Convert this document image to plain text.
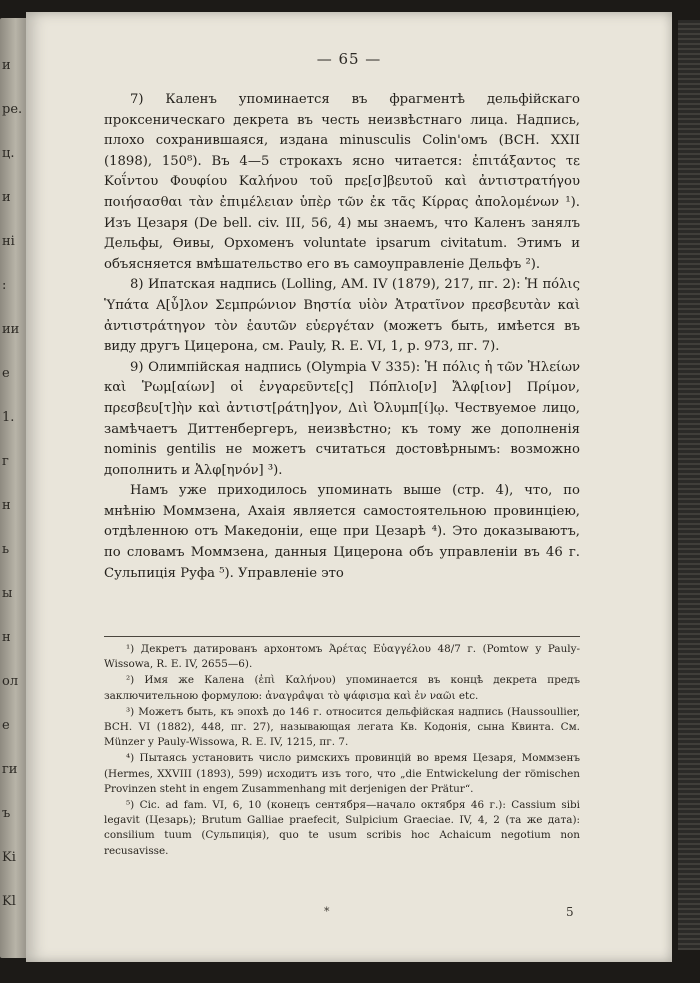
и
ре.
ц.
и
ні
:
ии
е
1.
г
н
ь
ы
н
ол
е
ги
ъ
Ki
Kl
— 65 —

7) Каленъ упоминается въ фрагментѣ дельфійскаго проксеническаго декрета въ честь неизвѣстнаго лица. Надпись, плохо сохранившаяся, издана minusculis Colin'омъ (BCH. XXII (1898), 150⁸). Въ 4—5 строкахъ ясно читается: ἐπιτάξαντος τε Κοΐντου Φουφίου Καλήνου τοῦ πρε[σ]βευτοῦ καὶ ἀντιστρατήγου ποιήσασθαι τὰν ἐπιμέλειαν ὑπὲρ τῶν ἐκ τᾶς Κίρρας ἀπολομένων ¹). Изъ Цезаря (De bell. civ. III, 56, 4) мы знаемъ, что Каленъ занялъ Дельфы, Ѳивы, Орхоменъ voluntate ipsarum civitatum. Этимъ и объясняется вмѣшательство его въ самоуправленіе Дельфъ ²).

8) Ипатская надпись (Lolling, AM. IV (1879), 217, пг. 2): Ἡ πόλις Ὑπάτα Α[ὖ]λον Σεμπρώνιον Βηστία υἱὸν Ἀτρατῖνον πρεσβευτὰν καὶ ἀντιστράτηγον τὸν ἑαυτῶν εὐεργέταν (можетъ быть, имѣется въ виду другъ Цицерона, см. Pauly, R. E. VI, 1, p. 973, пг. 7).

9) Олимпійская надпись (Olympia V 335): Ἡ πόλις ἡ τῶν Ἠλείων καὶ Ῥωμ[αίων] οἱ ἐνγαρεῦντε[ς] Πόπλιο[ν] Ἄλφ[ιον] Πρίμον, πρεσβευ[τ]ὴν καὶ ἀντιστ[ράτη]γον, Διὶ Ὀλυμπ[ί]ῳ. Чествуемое лицо, замѣчаетъ Диттенбергеръ, неизвѣстно; къ тому же дополненія nominis gentilis не можетъ считаться достовѣрнымъ: возможно дополнить и Ἀλφ[ηνόν] ³).

Намъ уже приходилось упоминать выше (стр. 4), что, по мнѣнію Моммзена, Ахаія является самостоятельною провинціею, отдѣленною отъ Македоніи, еще при Цезарѣ ⁴). Это доказываютъ, по словамъ Моммзена, данныя Цицерона объ управленіи въ 46 г. Сульпиція Руфа ⁵). Управленіе это

¹) Декретъ датированъ архонтомъ Ἀρέτας Εὐαγγέλου 48/7 г. (Pomtow у Pauly-Wissowa, R. E. IV, 2655—6).

²) Имя же Калена (ἐπὶ Καλήνου) упоминается въ концѣ декрета предъ заключительною формулою: ἀναγρα̂ψαι τὸ ψάφισμα καὶ ἐν ναῶι etc.

³) Можетъ быть, къ эпохѣ до 146 г. относится дельфійская надпись (Haussoullier, BCH. VI (1882), 448, пг. 27), называющая легата Кв. Кодонія, сына Квинта. См. Münzer у Pauly-Wissowa, R. E. IV, 1215, пг. 7.

⁴) Пытаясь установить число римскихъ провинцій во время Цезаря, Моммзенъ (Hermes, XXVIII (1893), 599) исходитъ изъ того, что „die Entwickelung der römischen Provinzen steht in engem Zusammenhang mit derjenigen der Prätur“.

⁵) Cic. ad fam. VI, 6, 10 (конецъ сентября—начало октября 46 г.): Cassium sibi legavit (Цезарь); Brutum Galliae praefecit, Sulpicium Graeciae. IV, 4, 2 (та же дата): consilium tuum (Сульпиція), quo te usum scribis hoc Achaicum negotium non recusavisse.

*	5
